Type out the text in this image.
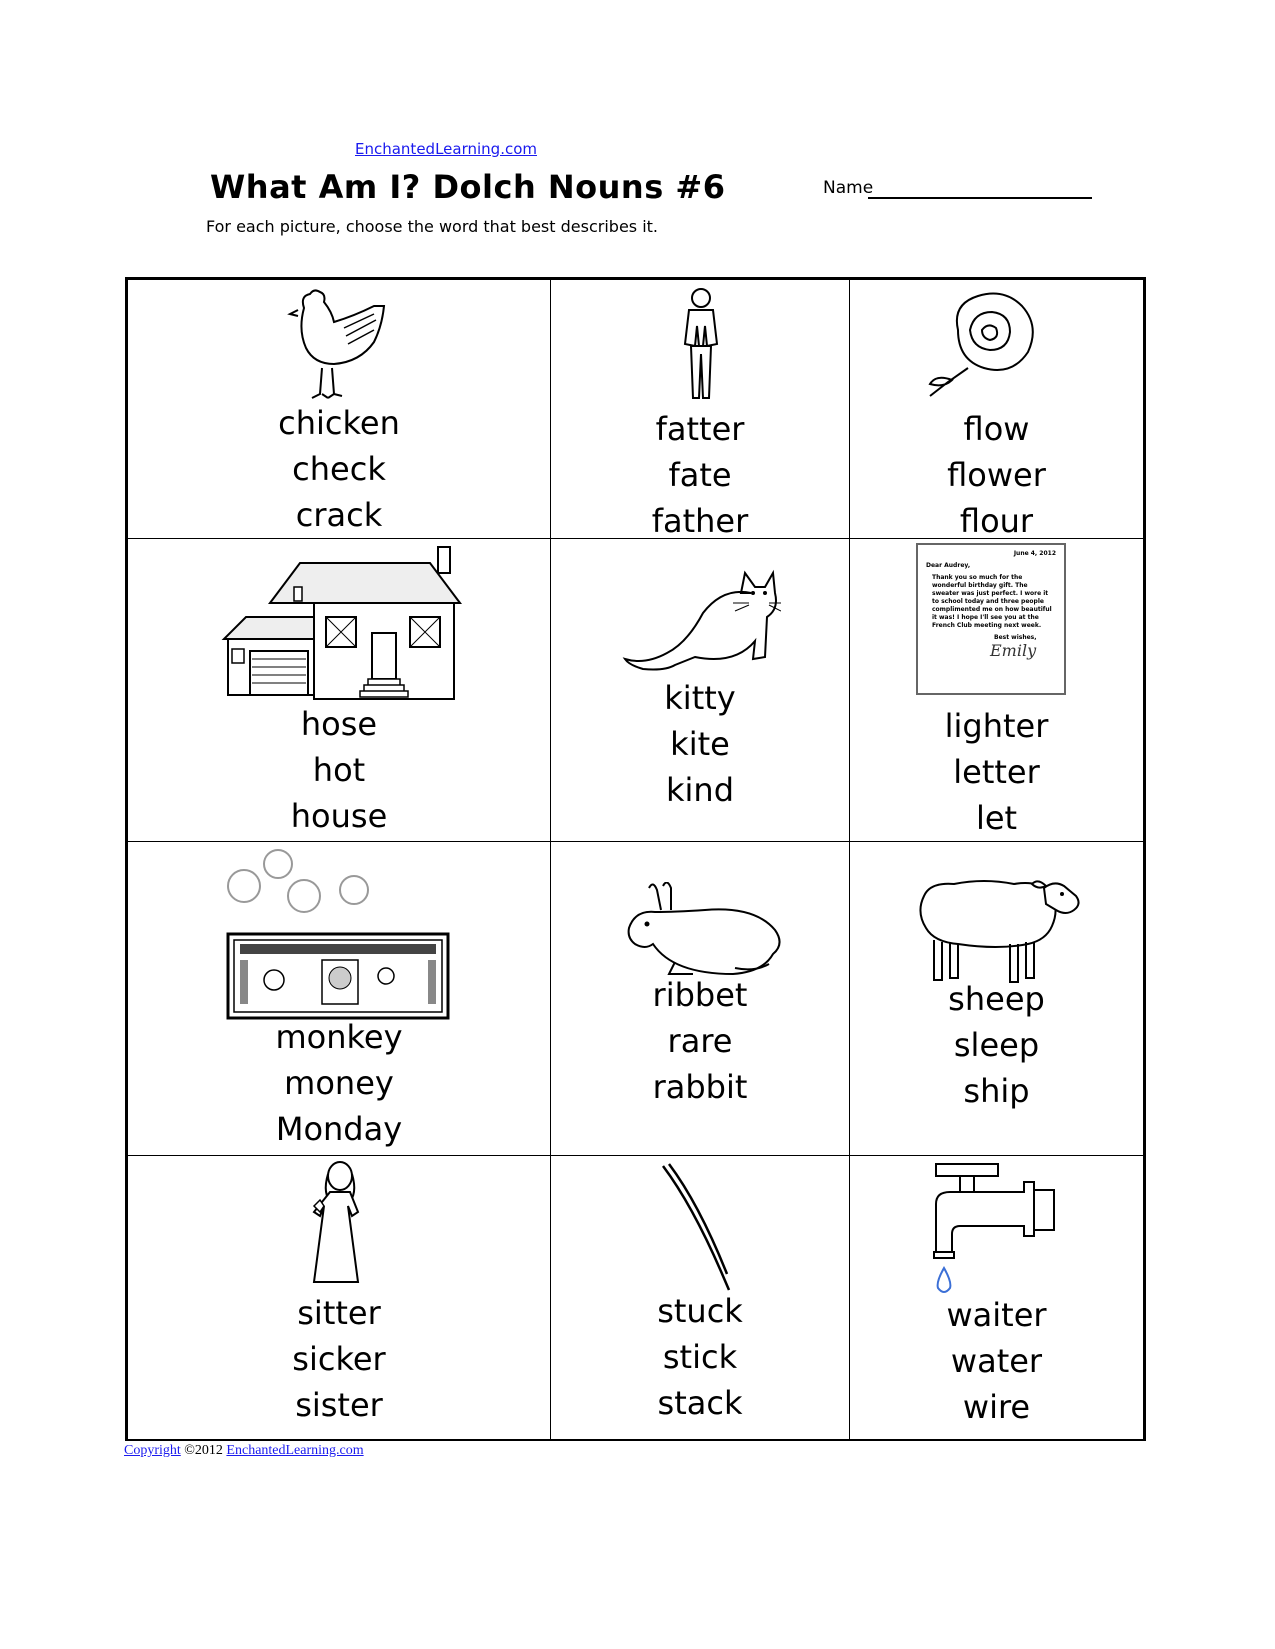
EnchantedLearning.com
What Am I? Dolch Nouns #6	Name
For each picture, choose the word that best describes it.
chicken
check
crack
fatter
fate
father
flow
flower
flour
hose
hot
house
kitty
kite
kind
June 4, 2012
Dear Audrey,
Thank you so much for the wonderful birthday gift. The sweater was just perfect. I wore it to school today and three people complimented me on how beautiful it was! I hope I'll see you at the French Club meeting next week.
Best wishes,
Emily
lighter
letter
let
monkey
money
Monday
ribbet
rare
rabbit
sheep
sleep
ship
sitter
sicker
sister
stuck
stick
stack
waiter
water
wire
Copyright ©2012 EnchantedLearning.com
